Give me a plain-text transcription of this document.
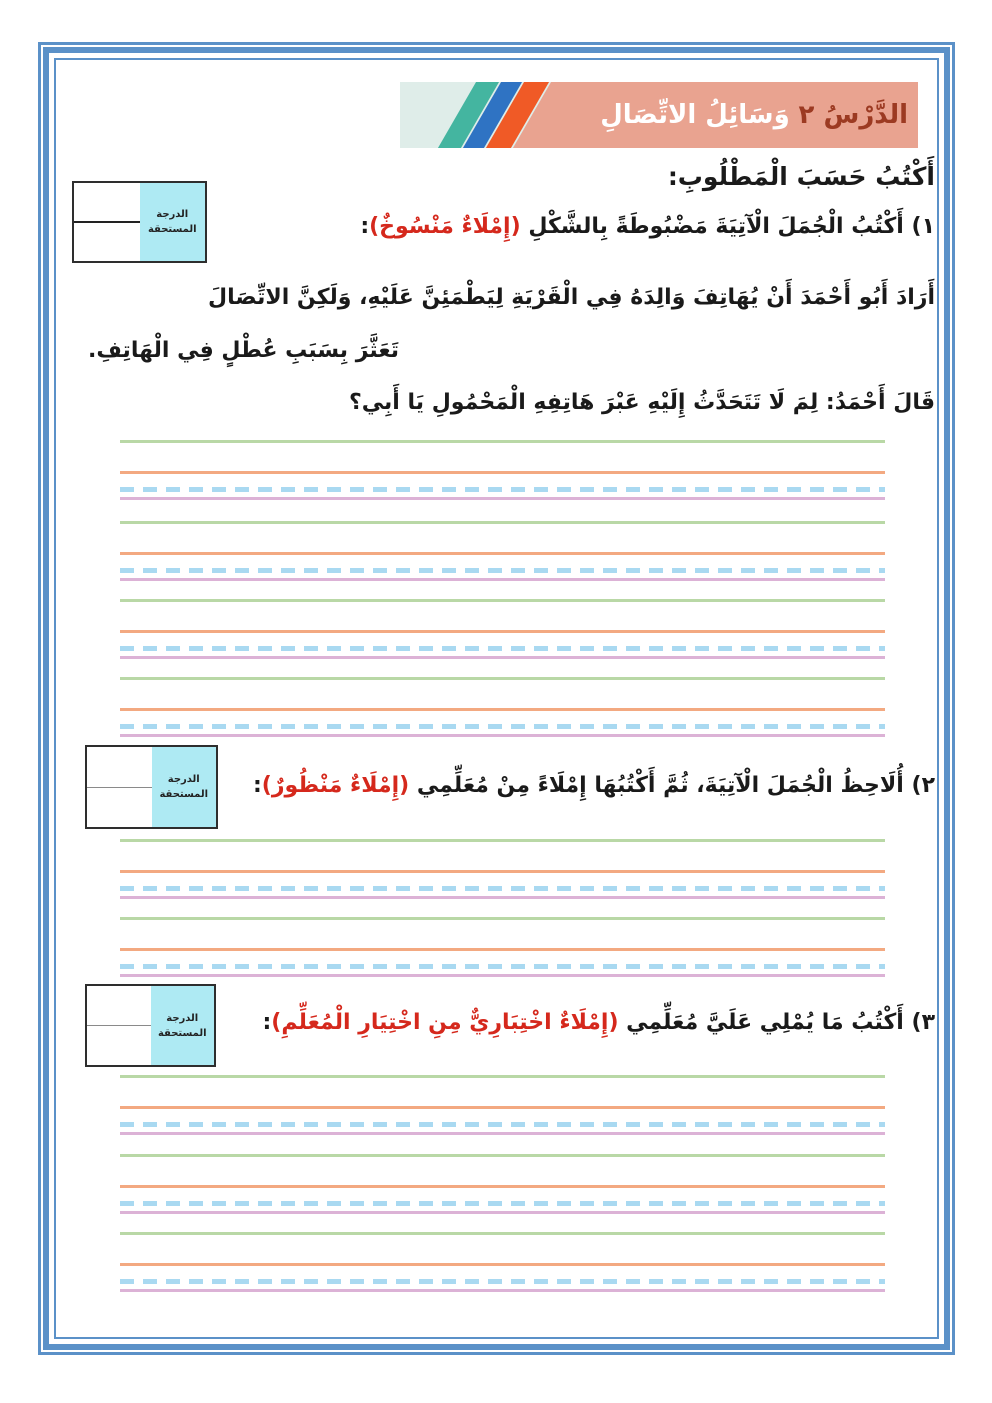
وَسَائِلُ الاتِّصَالِ الدَّرْسُ ٢
أَكْتُبُ حَسَبَ الْمَطْلُوبِ:
الدرجة
المستحقة	١) أَكْتُبُ الْجُمَلَ الْآتِيَةَ مَضْبُوطَةً بِالشَّكْلِ (إِمْلَاءٌ مَنْسُوخٌ):
أَرَادَ أَبُو أَحْمَدَ أَنْ يُهَاتِفَ وَالِدَهُ فِي الْقَرْيَةِ لِيَطْمَئِنَّ عَلَيْهِ، وَلَكِنَّ الاتِّصَالَ
تَعَثَّرَ بِسَبَبِ عُطْلٍ فِي الْهَاتِفِ.
قَالَ أَحْمَدُ: لِمَ لَا تَتَحَدَّثُ إِلَيْهِ عَبْرَ هَاتِفِهِ الْمَحْمُولِ يَا أَبِي؟
الدرجة
المستحقة	٢) أُلَاحِظُ الْجُمَلَ الْآتِيَةَ، ثُمَّ أَكْتُبُهَا إِمْلَاءً مِنْ مُعَلِّمِي (إِمْلَاءٌ مَنْظُورٌ):
الدرجة
المستحقة	٣) أَكْتُبُ مَا يُمْلِي عَلَيَّ مُعَلِّمِي (إِمْلَاءٌ اخْتِبَارِيٌّ مِنِ اخْتِيَارِ الْمُعَلِّمِ):
